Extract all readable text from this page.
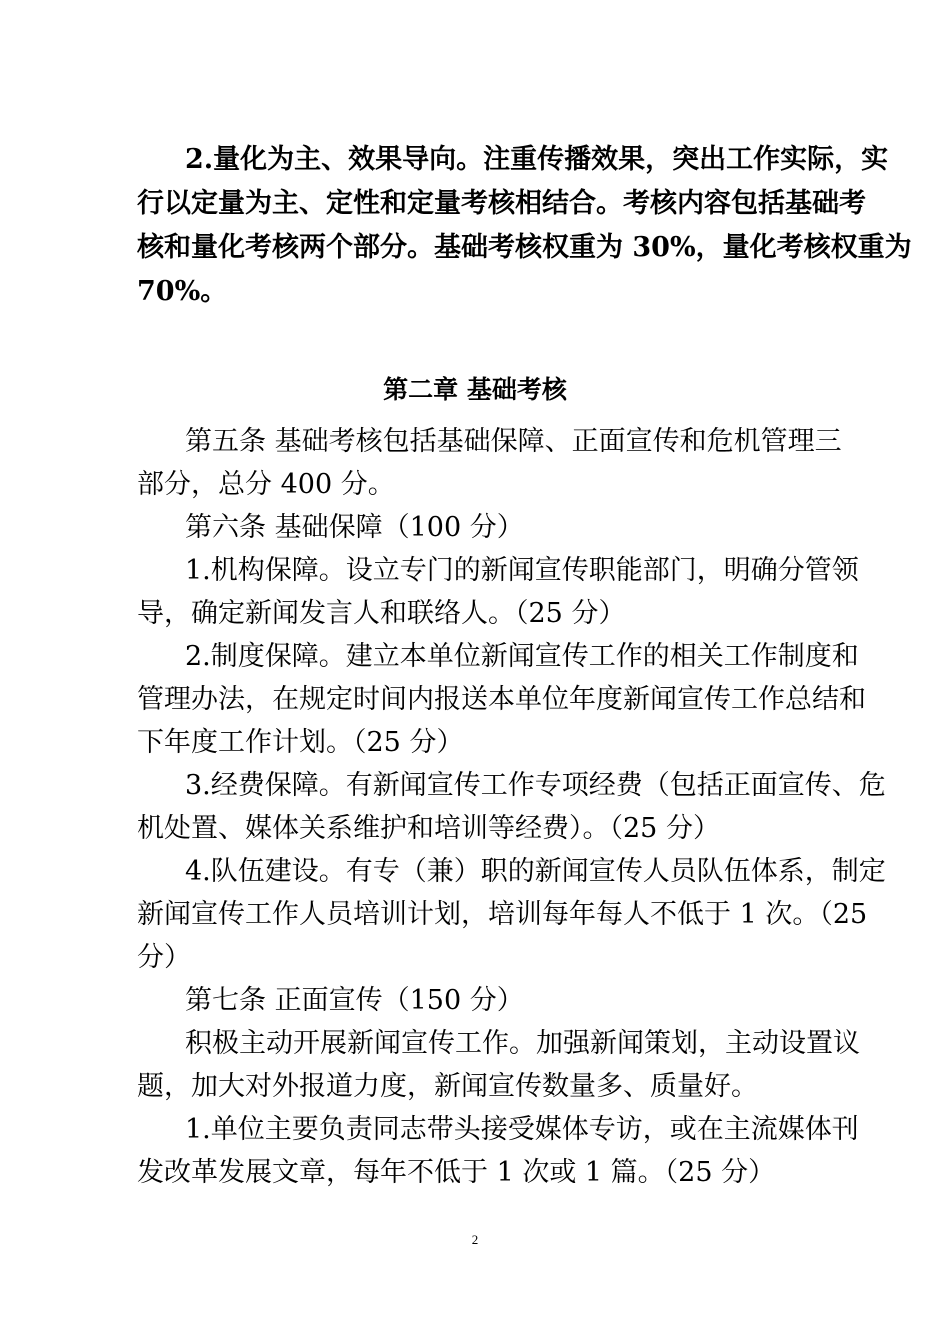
2.量化为主、效果导向。注重传播效果，突出工作实际，实
行以定量为主、定性和定量考核相结合。考核内容包括基础考
核和量化考核两个部分。基础考核权重为 30%，量化考核权重为
70%。
第二章 基础考核
第五条 基础考核包括基础保障、正面宣传和危机管理三
部分，总分 400 分。
第六条 基础保障（100 分）
1.机构保障。设立专门的新闻宣传职能部门，明确分管领
导，确定新闻发言人和联络人。（25 分）
2.制度保障。建立本单位新闻宣传工作的相关工作制度和
管理办法，在规定时间内报送本单位年度新闻宣传工作总结和
下年度工作计划。（25 分）
3.经费保障。有新闻宣传工作专项经费（包括正面宣传、危
机处置、媒体关系维护和培训等经费）。（25 分）
4.队伍建设。有专（兼）职的新闻宣传人员队伍体系，制定
新闻宣传工作人员培训计划，培训每年每人不低于 1 次。（25
分）
第七条 正面宣传（150 分）
积极主动开展新闻宣传工作。加强新闻策划，主动设置议
题，加大对外报道力度，新闻宣传数量多、质量好。
1.单位主要负责同志带头接受媒体专访，或在主流媒体刊
发改革发展文章，每年不低于 1 次或 1 篇。（25 分）
2
